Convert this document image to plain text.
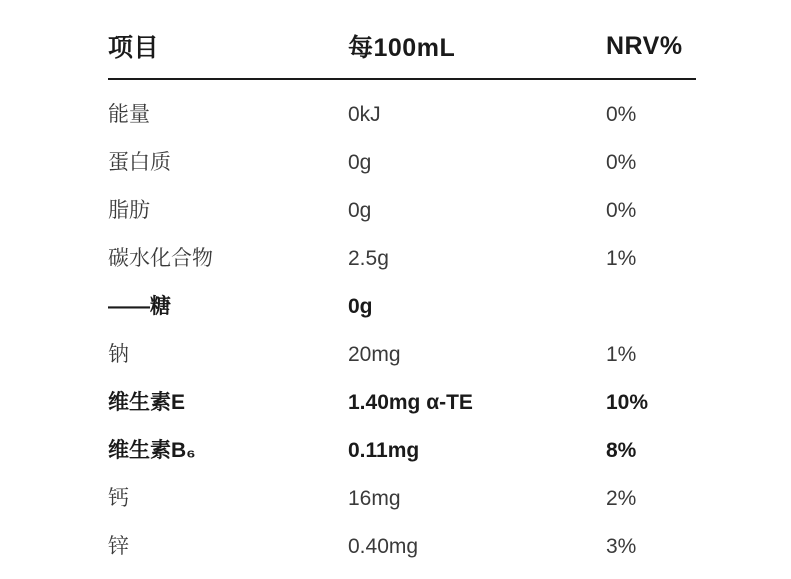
项目	每100mL	NRV%
能量	0kJ	0%
蛋白质	0g	0%
脂肪	0g	0%
碳水化合物	2.5g	1%
——糖	0g	
钠	20mg	1%
维生素E	1.40mg α-TE	10%
维生素B₆	0.11mg	8%
钙	16mg	2%
锌	0.40mg	3%
